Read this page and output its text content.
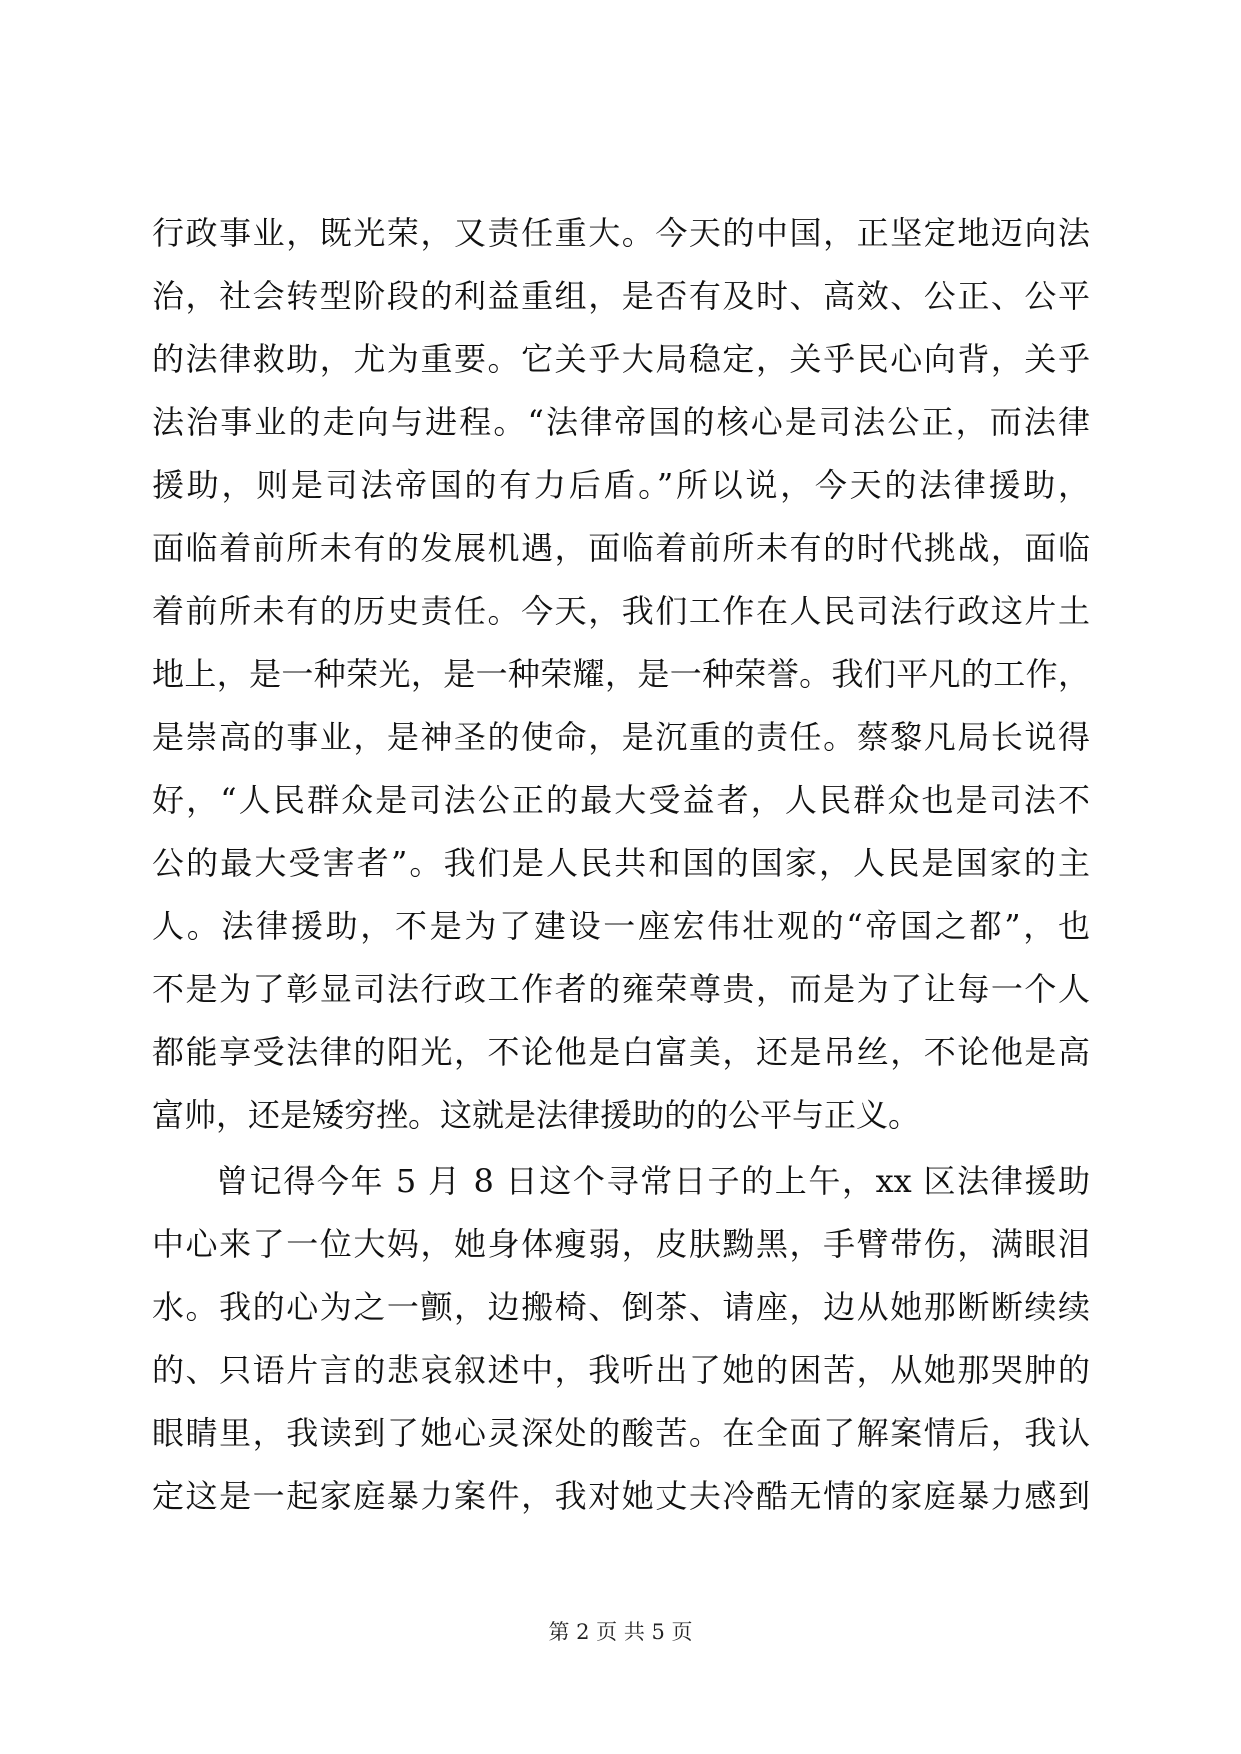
行政事业，既光荣，又责任重大。今天的中国，正坚定地迈向法
治，社会转型阶段的利益重组，是否有及时、高效、公正、公平
的法律救助，尤为重要。它关乎大局稳定，关乎民心向背，关乎
法治事业的走向与进程。“法律帝国的核心是司法公正，而法律
援助，则是司法帝国的有力后盾。”所以说，今天的法律援助，
面临着前所未有的发展机遇，面临着前所未有的时代挑战，面临
着前所未有的历史责任。今天，我们工作在人民司法行政这片土
地上，是一种荣光，是一种荣耀，是一种荣誉。我们平凡的工作，
是崇高的事业，是神圣的使命，是沉重的责任。蔡黎凡局长说得
好，“人民群众是司法公正的最大受益者，人民群众也是司法不
公的最大受害者”。我们是人民共和国的国家，人民是国家的主
人。法律援助，不是为了建设一座宏伟壮观的“帝国之都”，也
不是为了彰显司法行政工作者的雍荣尊贵，而是为了让每一个人
都能享受法律的阳光，不论他是白富美，还是吊丝，不论他是高
富帅，还是矮穷挫。这就是法律援助的的公平与正义。
曾记得今年 5 月 8 日这个寻常日子的上午，xx 区法律援助
中心来了一位大妈，她身体瘦弱，皮肤黝黑，手臂带伤，满眼泪
水。我的心为之一颤，边搬椅、倒茶、请座，边从她那断断续续
的、只语片言的悲哀叙述中，我听出了她的困苦，从她那哭肿的
眼睛里，我读到了她心灵深处的酸苦。在全面了解案情后，我认
定这是一起家庭暴力案件，我对她丈夫冷酷无情的家庭暴力感到
第 2 页 共 5 页
